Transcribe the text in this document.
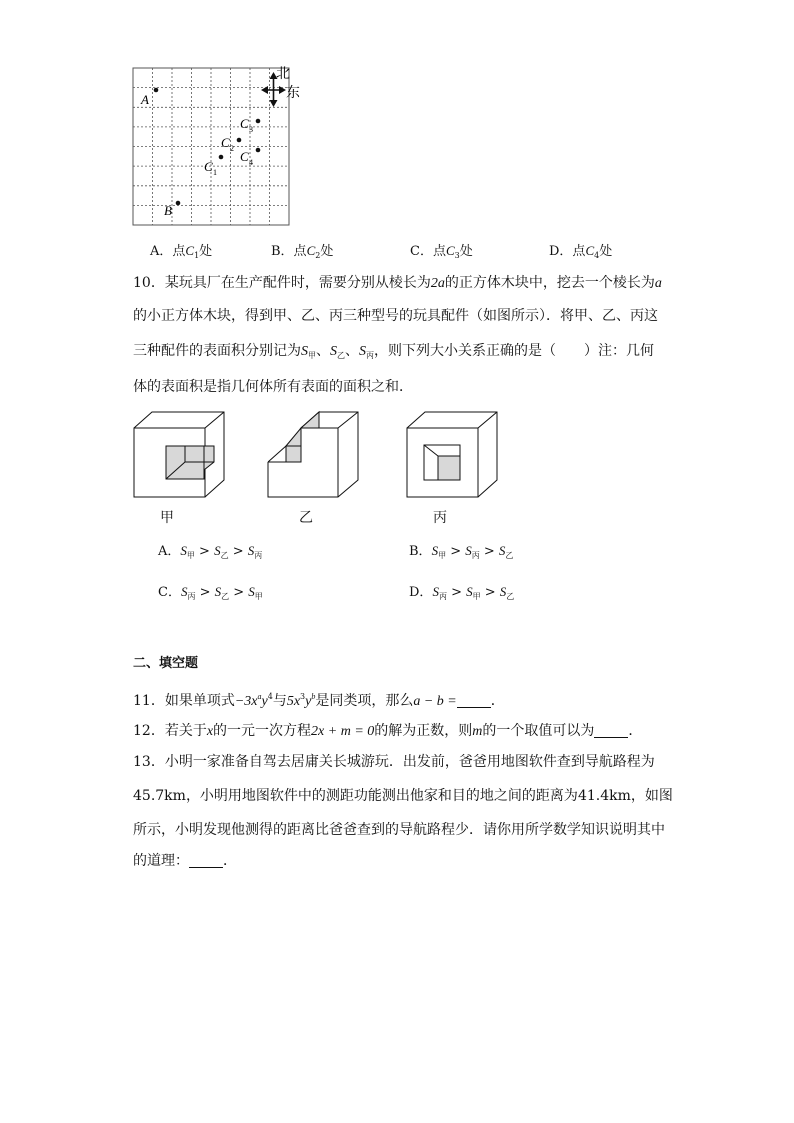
A
B
C 1
C 2
C 3
C 4
北
东
A．点$C_1$处	B．点$C_2$处	C．点$C_3$处	D．点$C_4$处
10．某玩具厂在生产配件时，需要分别从棱长为2a的正方体木块中，挖去一个棱长为a
的小正方体木块，得到甲、乙、丙三种型号的玩具配件（如图所示）．将甲、乙、丙这
三种配件的表面积分别记为$S_甲$、$S_乙$、$S_丙$，则下列大小关系正确的是（　　）注：几何
体的表面积是指几何体所有表面的面积之和．
甲	乙	丙
A．$S_甲 > S_乙 > S_丙$	B．$S_甲 > S_丙 > S_乙$
C．$S_丙 > S_乙 > S_甲$	D．$S_丙 > S_甲 > S_乙$
二、填空题
11．如果单项式$-3x^ay^4$与$5x^3y^b$是同类项，那么a − b = ．
12．若关于x的一元一次方程2x + m = 0的解为正数，则m的一个取值可以为 ．
13．小明一家准备自驾去居庸关长城游玩．出发前，爸爸用地图软件查到导航路程为
45.7km，小明用地图软件中的测距功能测出他家和目的地之间的距离为41.4km，如图
所示，小明发现他测得的距离比爸爸查到的导航路程少．请你用所学数学知识说明其中
的道理： ．
